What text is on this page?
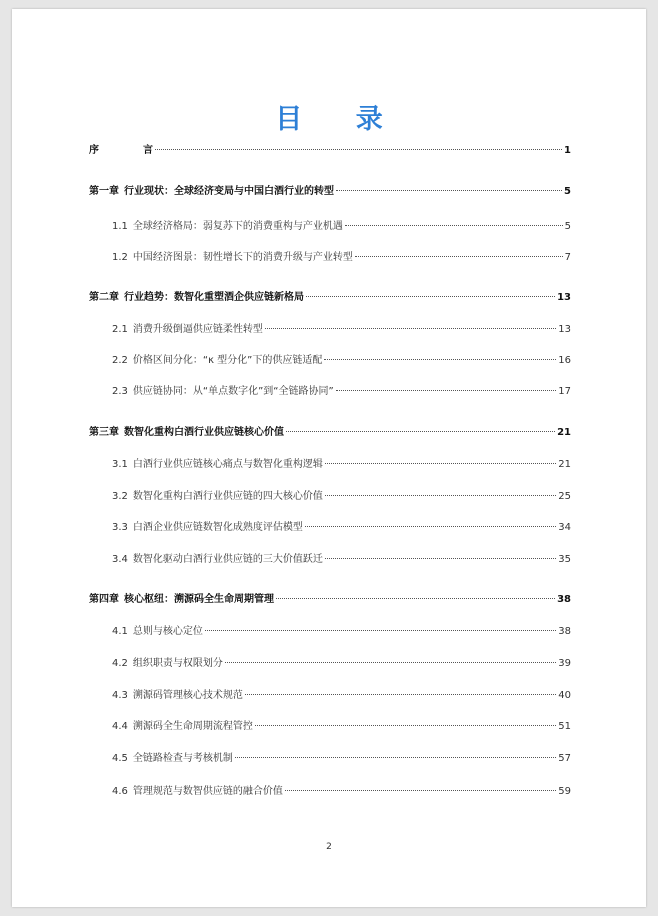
目 录
序	言	1
第一章 行业现状：全球经济变局与中国白酒行业的转型	5
1.1 全球经济格局：弱复苏下的消费重构与产业机遇	5
1.2 中国经济图景：韧性增长下的消费升级与产业转型	7
第二章 行业趋势：数智化重塑酒企供应链新格局	13
2.1 消费升级倒逼供应链柔性转型	13
2.2 价格区间分化：“κ 型分化”下的供应链适配	16
2.3 供应链协同：从“单点数字化”到“全链路协同”	17
第三章 数智化重构白酒行业供应链核心价值	21
3.1 白酒行业供应链核心痛点与数智化重构逻辑	21
3.2 数智化重构白酒行业供应链的四大核心价值	25
3.3 白酒企业供应链数智化成熟度评估模型	34
3.4 数智化驱动白酒行业供应链的三大价值跃迁	35
第四章 核心枢纽：溯源码全生命周期管理	38
4.1 总则与核心定位	38
4.2 组织职责与权限划分	39
4.3 溯源码管理核心技术规范	40
4.4 溯源码全生命周期流程管控	51
4.5 全链路检查与考核机制	57
4.6 管理规范与数智供应链的融合价值	59
2
